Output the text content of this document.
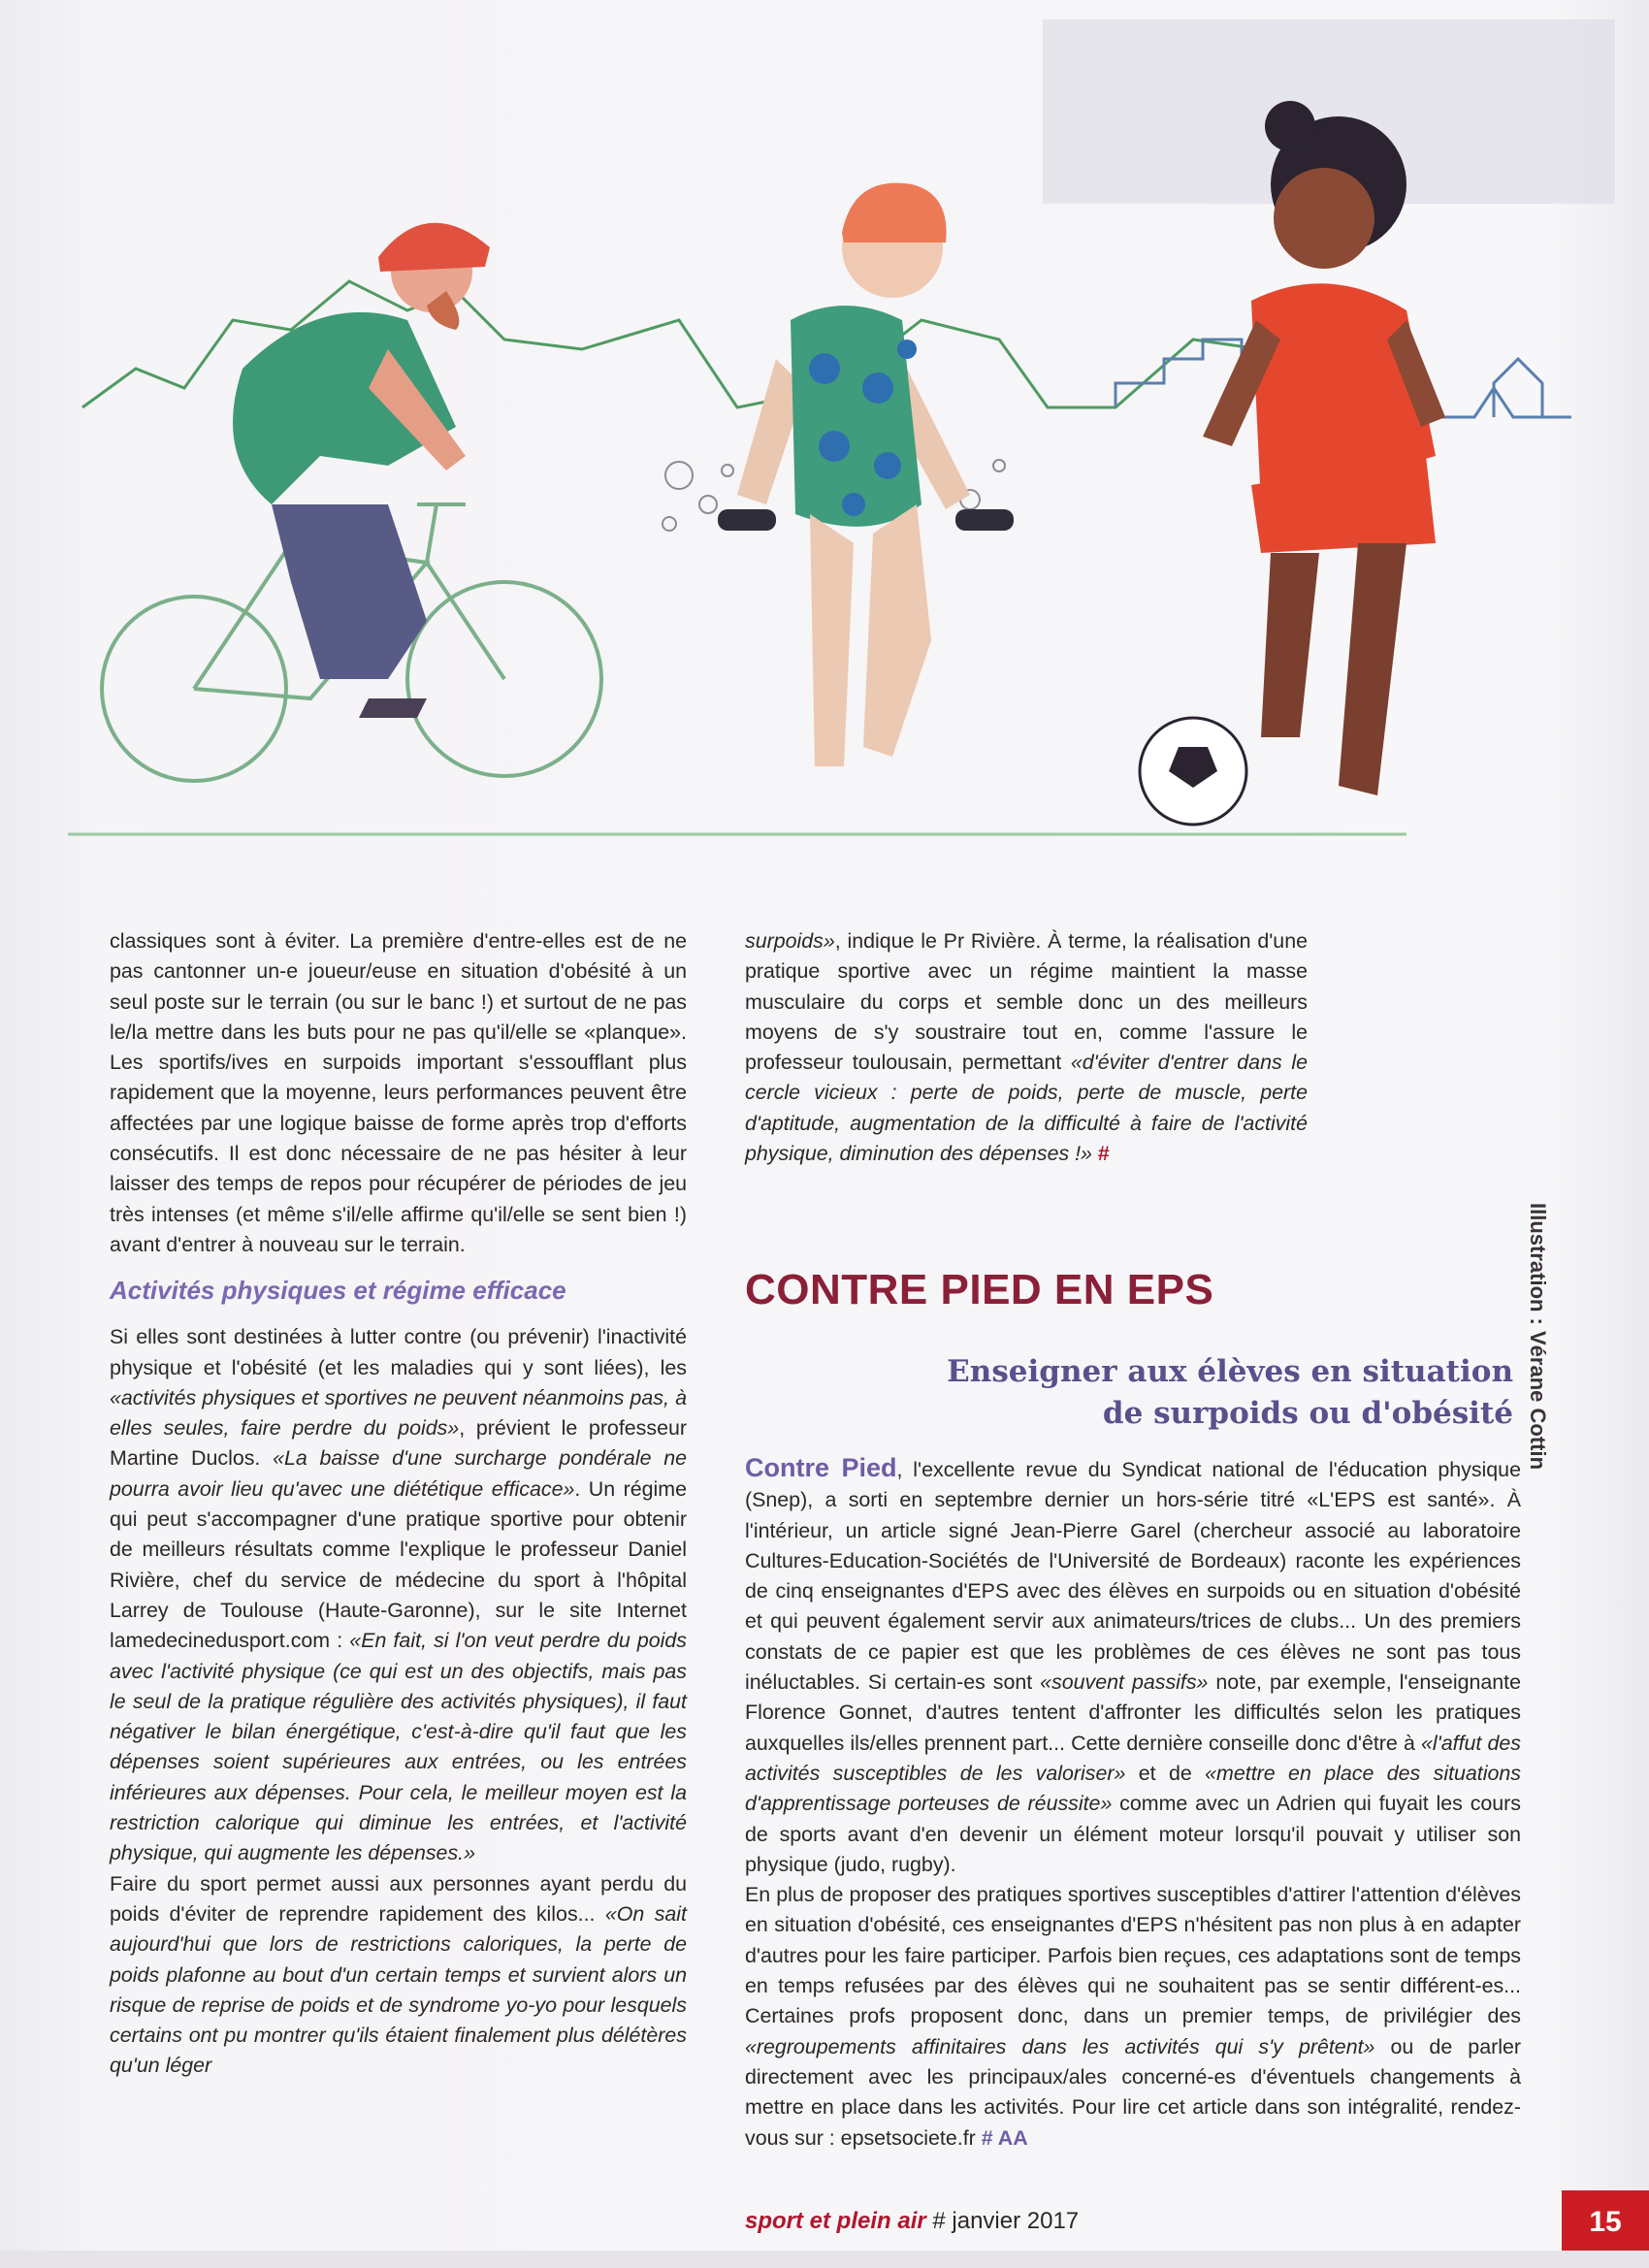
Illustration : Vérane Cottin

classiques sont à éviter. La première d'entre-elles est de ne pas cantonner un-e joueur/euse en situation d'obésité à un seul poste sur le terrain (ou sur le banc !) et surtout de ne pas le/la mettre dans les buts pour ne pas qu'il/elle se «planque». Les sportifs/ives en surpoids important s'essoufflant plus rapidement que la moyenne, leurs performances peuvent être affectées par une logique baisse de forme après trop d'efforts consécutifs. Il est donc nécessaire de ne pas hésiter à leur laisser des temps de repos pour récupérer de périodes de jeu très intenses (et même s'il/elle affirme qu'il/elle se sent bien !) avant d'entrer à nouveau sur le terrain.

Activités physiques et régime efficace

Si elles sont destinées à lutter contre (ou prévenir) l'inactivité physique et l'obésité (et les maladies qui y sont liées), les «activités physiques et sportives ne peuvent néanmoins pas, à elles seules, faire perdre du poids», prévient le professeur Martine Duclos. «La baisse d'une surcharge pondérale ne pourra avoir lieu qu'avec une diététique efficace». Un régime qui peut s'accompagner d'une pratique sportive pour obtenir de meilleurs résultats comme l'explique le professeur Daniel Rivière, chef du service de médecine du sport à l'hôpital Larrey de Toulouse (Haute-Garonne), sur le site Internet lamedecinedusport.com : «En fait, si l'on veut perdre du poids avec l'activité physique (ce qui est un des objectifs, mais pas le seul de la pratique régulière des activités physiques), il faut négativer le bilan énergétique, c'est-à-dire qu'il faut que les dépenses soient supérieures aux entrées, ou les entrées inférieures aux dépenses. Pour cela, le meilleur moyen est la restriction calorique qui diminue les entrées, et l'activité physique, qui augmente les dépenses.»

Faire du sport permet aussi aux personnes ayant perdu du poids d'éviter de reprendre rapidement des kilos... «On sait aujourd'hui que lors de restrictions caloriques, la perte de poids plafonne au bout d'un certain temps et survient alors un risque de reprise de poids et de syndrome yo-yo pour lesquels certains ont pu montrer qu'ils étaient finalement plus délétères qu'un léger

surpoids», indique le Pr Rivière. À terme, la réalisation d'une pratique sportive avec un régime maintient la masse musculaire du corps et semble donc un des meilleurs moyens de s'y soustraire tout en, comme l'assure le professeur toulousain, permettant «d'éviter d'entrer dans le cercle vicieux : perte de poids, perte de muscle, perte d'aptitude, augmentation de la difficulté à faire de l'activité physique, diminution des dépenses !» #

CONTRE PIED EN EPS
Enseigner aux élèves en situation
de surpoids ou d'obésité

Contre Pied, l'excellente revue du Syndicat national de l'éducation physique (Snep), a sorti en septembre dernier un hors-série titré «L'EPS est santé». À l'intérieur, un article signé Jean-Pierre Garel (chercheur associé au laboratoire Cultures-Education-Sociétés de l'Université de Bordeaux) raconte les expériences de cinq enseignantes d'EPS avec des élèves en surpoids ou en situation d'obésité et qui peuvent également servir aux animateurs/trices de clubs... Un des premiers constats de ce papier est que les problèmes de ces élèves ne sont pas tous inéluctables. Si certain-es sont «souvent passifs» note, par exemple, l'enseignante Florence Gonnet, d'autres tentent d'affronter les difficultés selon les pratiques auxquelles ils/elles prennent part... Cette dernière conseille donc d'être à «l'affut des activités susceptibles de les valoriser» et de «mettre en place des situations d'apprentissage porteuses de réussite» comme avec un Adrien qui fuyait les cours de sports avant d'en devenir un élément moteur lorsqu'il pouvait y utiliser son physique (judo, rugby).

En plus de proposer des pratiques sportives susceptibles d'attirer l'attention d'élèves en situation d'obésité, ces enseignantes d'EPS n'hésitent pas non plus à en adapter d'autres pour les faire participer. Parfois bien reçues, ces adaptations sont de temps en temps refusées par des élèves qui ne souhaitent pas se sentir différent-es... Certaines profs proposent donc, dans un premier temps, de privilégier des «regroupements affinitaires dans les activités qui s'y prêtent» ou de parler directement avec les principaux/ales concerné-es d'éventuels changements à mettre en place dans les activités. Pour lire cet article dans son intégralité, rendez-vous sur : epsetsociete.fr # AA

sport et plein air # janvier 2017	15
